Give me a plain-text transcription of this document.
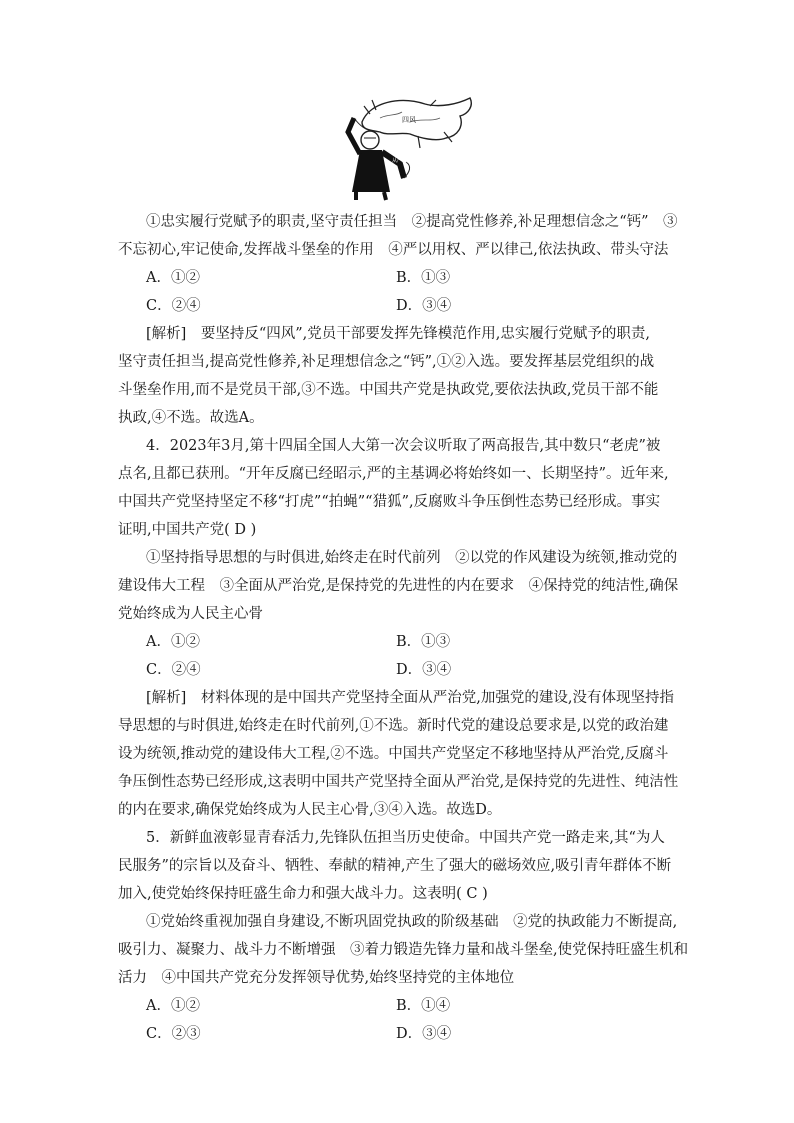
四风
从严治党
①忠实履行党赋予的职责,坚守责任担当　②提高党性修养,补足理想信念之“钙”　③
不忘初心,牢记使命,发挥战斗堡垒的作用　④严以用权、严以律己,依法执政、带头守法
A．①②	B．①③
C．②④	D．③④
[解析]　要坚持反“四风”,党员干部要发挥先锋模范作用,忠实履行党赋予的职责,
坚守责任担当,提高党性修养,补足理想信念之“钙”,①②入选。要发挥基层党组织的战
斗堡垒作用,而不是党员干部,③不选。中国共产党是执政党,要依法执政,党员干部不能
执政,④不选。故选A。
4．2023年3月,第十四届全国人大第一次会议听取了两高报告,其中数只“老虎”被
点名,且都已获刑。“开年反腐已经昭示,严的主基调必将始终如一、长期坚持”。近年来,
中国共产党坚持坚定不移“打虎”“拍蝇”“猎狐”,反腐败斗争压倒性态势已经形成。事实
证明,中国共产党( D )
①坚持指导思想的与时俱进,始终走在时代前列　②以党的作风建设为统领,推动党的
建设伟大工程　③全面从严治党,是保持党的先进性的内在要求　④保持党的纯洁性,确保
党始终成为人民主心骨
A．①②	B．①③
C．②④	D．③④
[解析]　材料体现的是中国共产党坚持全面从严治党,加强党的建设,没有体现坚持指
导思想的与时俱进,始终走在时代前列,①不选。新时代党的建设总要求是,以党的政治建
设为统领,推动党的建设伟大工程,②不选。中国共产党坚定不移地坚持从严治党,反腐斗
争压倒性态势已经形成,这表明中国共产党坚持全面从严治党,是保持党的先进性、纯洁性
的内在要求,确保党始终成为人民主心骨,③④入选。故选D。
5．新鲜血液彰显青春活力,先锋队伍担当历史使命。中国共产党一路走来,其“为人
民服务”的宗旨以及奋斗、牺牲、奉献的精神,产生了强大的磁场效应,吸引青年群体不断
加入,使党始终保持旺盛生命力和强大战斗力。这表明( C )
①党始终重视加强自身建设,不断巩固党执政的阶级基础　②党的执政能力不断提高,
吸引力、凝聚力、战斗力不断增强　③着力锻造先锋力量和战斗堡垒,使党保持旺盛生机和
活力　④中国共产党充分发挥领导优势,始终坚持党的主体地位
A．①②	B．①④
C．②③	D．③④
